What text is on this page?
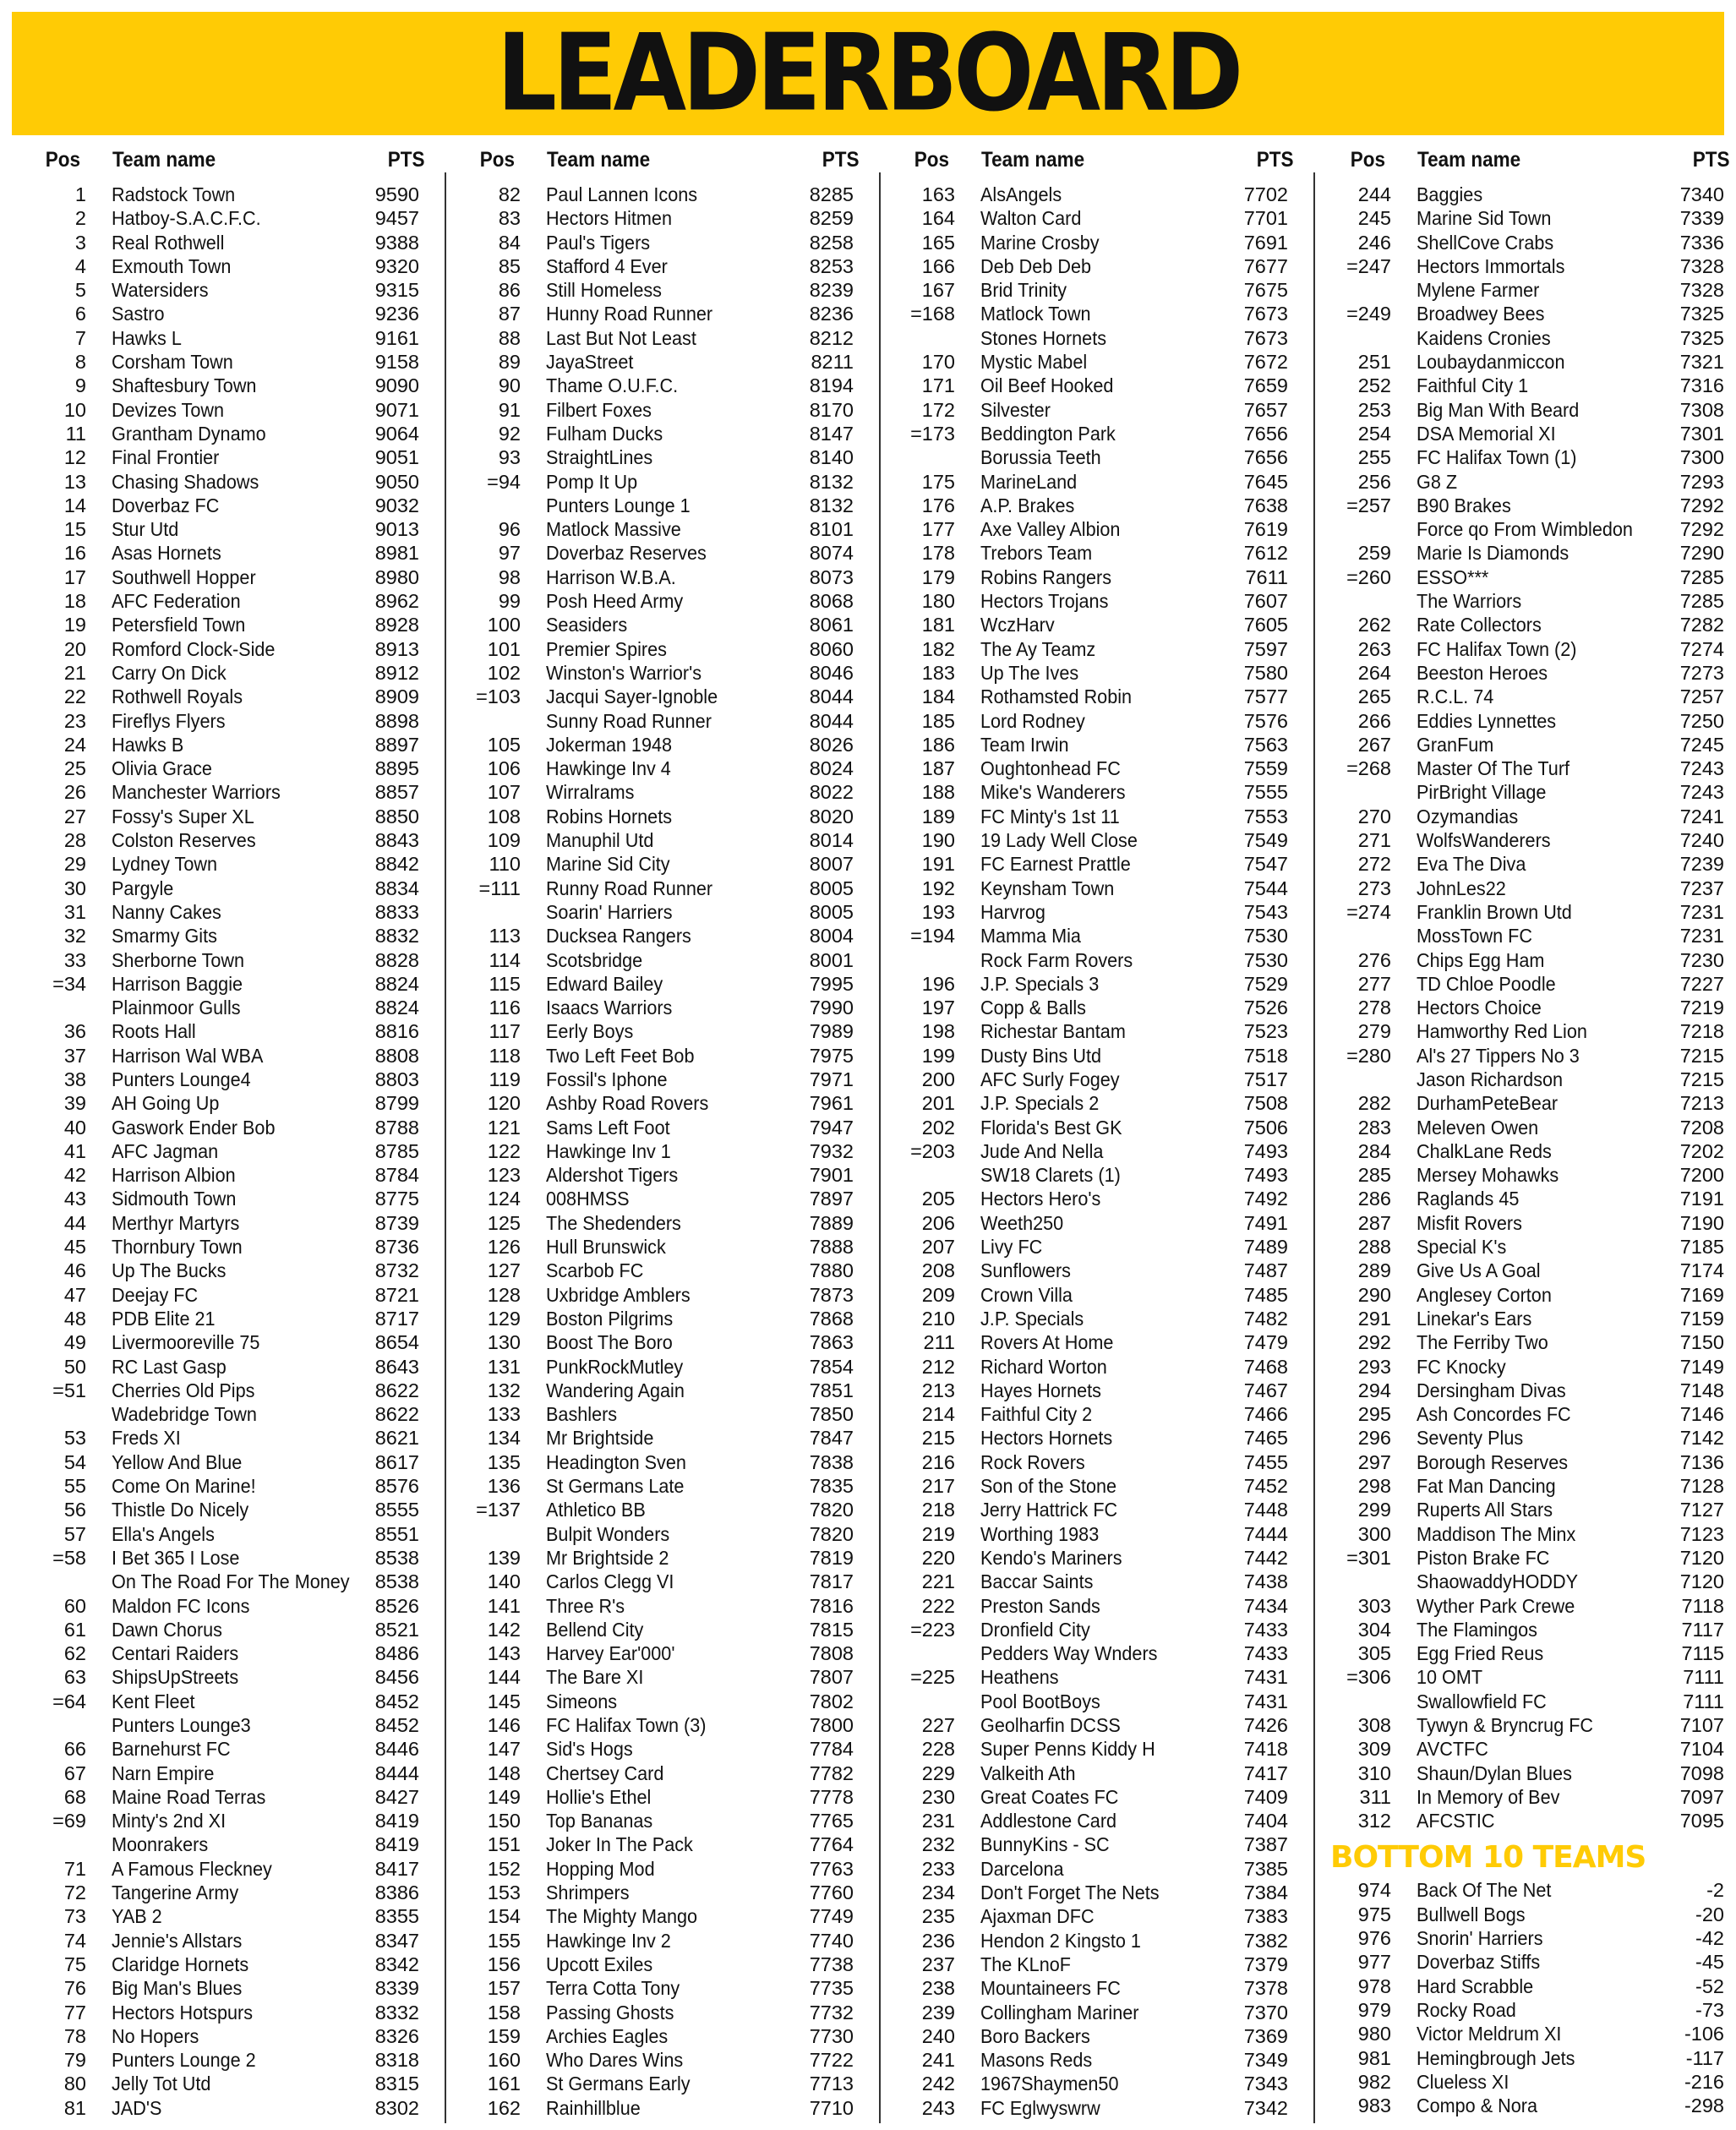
LEADERBOARD
Pos Team name	PTS
1 Radstock Town	9590
2 Hatboy-S.A.C.F.C.	9457
3 Real Rothwell	9388
4 Exmouth Town	9320
5 Watersiders	9315
6 Sastro	9236
7 Hawks L	9161
8 Corsham Town	9158
9 Shaftesbury Town	9090
10 Devizes Town	9071
11 Grantham Dynamo	9064
12 Final Frontier	9051
13 Chasing Shadows	9050
14 Doverbaz FC	9032
15 Stur Utd	9013
16 Asas Hornets	8981
17 Southwell Hopper	8980
18 AFC Federation	8962
19 Petersfield Town	8928
20 Romford Clock-Side	8913
21 Carry On Dick	8912
22 Rothwell Royals	8909
23 Fireflys Flyers	8898
24 Hawks B	8897
25 Olivia Grace	8895
26 Manchester Warriors	8857
27 Fossy's Super XL	8850
28 Colston Reserves	8843
29 Lydney Town	8842
30 Pargyle	8834
31 Nanny Cakes	8833
32 Smarmy Gits	8832
33 Sherborne Town	8828
=34 Harrison Baggie	8824
Plainmoor Gulls	8824
36 Roots Hall	8816
37 Harrison Wal WBA	8808
38 Punters Lounge4	8803
39 AH Going Up	8799
40 Gaswork Ender Bob	8788
41 AFC Jagman	8785
42 Harrison Albion	8784
43 Sidmouth Town	8775
44 Merthyr Martyrs	8739
45 Thornbury Town	8736
46 Up The Bucks	8732
47 Deejay FC	8721
48 PDB Elite 21	8717
49 Livermooreville 75	8654
50 RC Last Gasp	8643
=51 Cherries Old Pips	8622
Wadebridge Town	8622
53 Freds XI	8621
54 Yellow And Blue	8617
55 Come On Marine!	8576
56 Thistle Do Nicely	8555
57 Ella's Angels	8551
=58 I Bet 365 I Lose	8538
On The Road For The Money 8538
60 Maldon FC Icons	8526
61 Dawn Chorus	8521
62 Centari Raiders	8486
63 ShipsUpStreets	8456
=64 Kent Fleet	8452
Punters Lounge3	8452
66 Barnehurst FC	8446
67 Narn Empire	8444
68 Maine Road Terras	8427
=69 Minty's 2nd XI	8419
Moonrakers	8419
71 A Famous Fleckney	8417
72 Tangerine Army	8386
73 YAB 2	8355
74 Jennie's Allstars	8347
75 Claridge Hornets	8342
76 Big Man's Blues	8339
77 Hectors Hotspurs	8332
78 No Hopers	8326
79 Punters Lounge 2	8318
80 Jelly Tot Utd	8315
81 JAD'S	8302
Pos Team name	PTS
82 Paul Lannen Icons	8285
83 Hectors Hitmen	8259
84 Paul's Tigers	8258
85 Stafford 4 Ever	8253
86 Still Homeless	8239
87 Hunny Road Runner	8236
88 Last But Not Least	8212
89 JayaStreet	8211
90 Thame O.U.F.C.	8194
91 Filbert Foxes	8170
92 Fulham Ducks	8147
93 StraightLines	8140
=94 Pomp It Up	8132
Punters Lounge 1	8132
96 Matlock Massive	8101
97 Doverbaz Reserves	8074
98 Harrison W.B.A.	8073
99 Posh Heed Army	8068
100 Seasiders	8061
101 Premier Spires	8060
102 Winston's Warrior's	8046
=103 Jacqui Sayer-Ignoble	8044
Sunny Road Runner	8044
105 Jokerman 1948	8026
106 Hawkinge Inv 4	8024
107 Wirralrams	8022
108 Robins Hornets	8020
109 Manuphil Utd	8014
110 Marine Sid City	8007
=111 Runny Road Runner	8005
Soarin' Harriers	8005
113 Ducksea Rangers	8004
114 Scotsbridge	8001
115 Edward Bailey	7995
116 Isaacs Warriors	7990
117 Eerly Boys	7989
118 Two Left Feet Bob	7975
119 Fossil's Iphone	7971
120 Ashby Road Rovers	7961
121 Sams Left Foot	7947
122 Hawkinge Inv 1	7932
123 Aldershot Tigers	7901
124 008HMSS	7897
125 The Shedenders	7889
126 Hull Brunswick	7888
127 Scarbob FC	7880
128 Uxbridge Amblers	7873
129 Boston Pilgrims	7868
130 Boost The Boro	7863
131 PunkRockMutley	7854
132 Wandering Again	7851
133 Bashlers	7850
134 Mr Brightside	7847
135 Headington Sven	7838
136 St Germans Late	7835
=137 Athletico BB	7820
Bulpit Wonders	7820
139 Mr Brightside 2	7819
140 Carlos Clegg VI	7817
141 Three R's	7816
142 Bellend City	7815
143 Harvey Ear'000'	7808
144 The Bare XI	7807
145 Simeons	7802
146 FC Halifax Town (3)	7800
147 Sid's Hogs	7784
148 Chertsey Card	7782
149 Hollie's Ethel	7778
150 Top Bananas	7765
151 Joker In The Pack	7764
152 Hopping Mod	7763
153 Shrimpers	7760
154 The Mighty Mango	7749
155 Hawkinge Inv 2	7740
156 Upcott Exiles	7738
157 Terra Cotta Tony	7735
158 Passing Ghosts	7732
159 Archies Eagles	7730
160 Who Dares Wins	7722
161 St Germans Early	7713
162 Rainhillblue	7710
Pos Team name	PTS
163 AlsAngels	7702
164 Walton Card	7701
165 Marine Crosby	7691
166 Deb Deb Deb	7677
167 Brid Trinity	7675
=168 Matlock Town	7673
Stones Hornets	7673
170 Mystic Mabel	7672
171 Oil Beef Hooked	7659
172 Silvester	7657
=173 Beddington Park	7656
Borussia Teeth	7656
175 MarineLand	7645
176 A.P. Brakes	7638
177 Axe Valley Albion	7619
178 Trebors Team	7612
179 Robins Rangers	7611
180 Hectors Trojans	7607
181 WczHarv	7605
182 The Ay Teamz	7597
183 Up The Ives	7580
184 Rothamsted Robin	7577
185 Lord Rodney	7576
186 Team Irwin	7563
187 Oughtonhead FC	7559
188 Mike's Wanderers	7555
189 FC Minty's 1st 11	7553
190 19 Lady Well Close	7549
191 FC Earnest Prattle	7547
192 Keynsham Town	7544
193 Harvrog	7543
=194 Mamma Mia	7530
Rock Farm Rovers	7530
196 J.P. Specials 3	7529
197 Copp & Balls	7526
198 Richestar Bantam	7523
199 Dusty Bins Utd	7518
200 AFC Surly Fogey	7517
201 J.P. Specials 2	7508
202 Florida's Best GK	7506
=203 Jude And Nella	7493
SW18 Clarets (1)	7493
205 Hectors Hero's	7492
206 Weeth250	7491
207 Livy FC	7489
208 Sunflowers	7487
209 Crown Villa	7485
210 J.P. Specials	7482
211 Rovers At Home	7479
212 Richard Worton	7468
213 Hayes Hornets	7467
214 Faithful City 2	7466
215 Hectors Hornets	7465
216 Rock Rovers	7455
217 Son of the Stone	7452
218 Jerry Hattrick FC	7448
219 Worthing 1983	7444
220 Kendo's Mariners	7442
221 Baccar Saints	7438
222 Preston Sands	7434
=223 Dronfield City	7433
Pedders Way Wnders	7433
=225 Heathens	7431
Pool BootBoys	7431
227 Geolharfin DCSS	7426
228 Super Penns Kiddy H	7418
229 Valkeith Ath	7417
230 Great Coates FC	7409
231 Addlestone Card	7404
232 BunnyKins - SC	7387
233 Darcelona	7385
234 Don't Forget The Nets	7384
235 Ajaxman DFC	7383
236 Hendon 2 Kingsto 1	7382
237 The KLnoF	7379
238 Mountaineers FC	7378
239 Collingham Mariner	7370
240 Boro Backers	7369
241 Masons Reds	7349
242 1967Shaymen50	7343
243 FC Eglwyswrw	7342
Pos Team name	PTS
244 Baggies	7340
245 Marine Sid Town	7339
246 ShellCove Crabs	7336
=247 Hectors Immortals	7328
Mylene Farmer	7328
=249 Broadwey Bees	7325
Kaidens Cronies	7325
251 Loubaydanmiccon	7321
252 Faithful City 1	7316
253 Big Man With Beard	7308
254 DSA Memorial XI	7301
255 FC Halifax Town (1)	7300
256 G8 Z	7293
=257 B90 Brakes	7292
Force qo From Wimbledon 7292
259 Marie Is Diamonds	7290
=260 ESSO***	7285
The Warriors	7285
262 Rate Collectors	7282
263 FC Halifax Town (2)	7274
264 Beeston Heroes	7273
265 R.C.L. 74	7257
266 Eddies Lynnettes	7250
267 GranFum	7245
=268 Master Of The Turf	7243
PirBright Village	7243
270 Ozymandias	7241
271 WolfsWanderers	7240
272 Eva The Diva	7239
273 JohnLes22	7237
=274 Franklin Brown Utd	7231
MossTown FC	7231
276 Chips Egg Ham	7230
277 TD Chloe Poodle	7227
278 Hectors Choice	7219
279 Hamworthy Red Lion	7218
=280 Al's 27 Tippers No 3	7215
Jason Richardson	7215
282 DurhamPeteBear	7213
283 Meleven Owen	7208
284 ChalkLane Reds	7202
285 Mersey Mohawks	7200
286 Raglands 45	7191
287 Misfit Rovers	7190
288 Special K's	7185
289 Give Us A Goal	7174
290 Anglesey Corton	7169
291 Linekar's Ears	7159
292 The Ferriby Two	7150
293 FC Knocky	7149
294 Dersingham Divas	7148
295 Ash Concordes FC	7146
296 Seventy Plus	7142
297 Borough Reserves	7136
298 Fat Man Dancing	7128
299 Ruperts All Stars	7127
300 Maddison The Minx	7123
=301 Piston Brake FC	7120
ShaowaddyHODDY	7120
303 Wyther Park Crewe	7118
304 The Flamingos	7117
305 Egg Fried Reus	7115
=306 10 OMT	7111
Swallowfield FC	7111
308 Tywyn & Bryncrug FC	7107
309 AVCTFC	7104
310 Shaun/Dylan Blues	7098
311 In Memory of Bev	7097
312 AFCSTIC	7095
BOTTOM 10 TEAMS
974 Back Of The Net	-2
975 Bullwell Bogs	-20
976 Snorin' Harriers	-42
977 Doverbaz Stiffs	-45
978 Hard Scrabble	-52
979 Rocky Road	-73
980 Victor Meldrum XI	-106
981 Hemingbrough Jets	-117
982 Clueless XI	-216
983 Compo & Nora	-298
